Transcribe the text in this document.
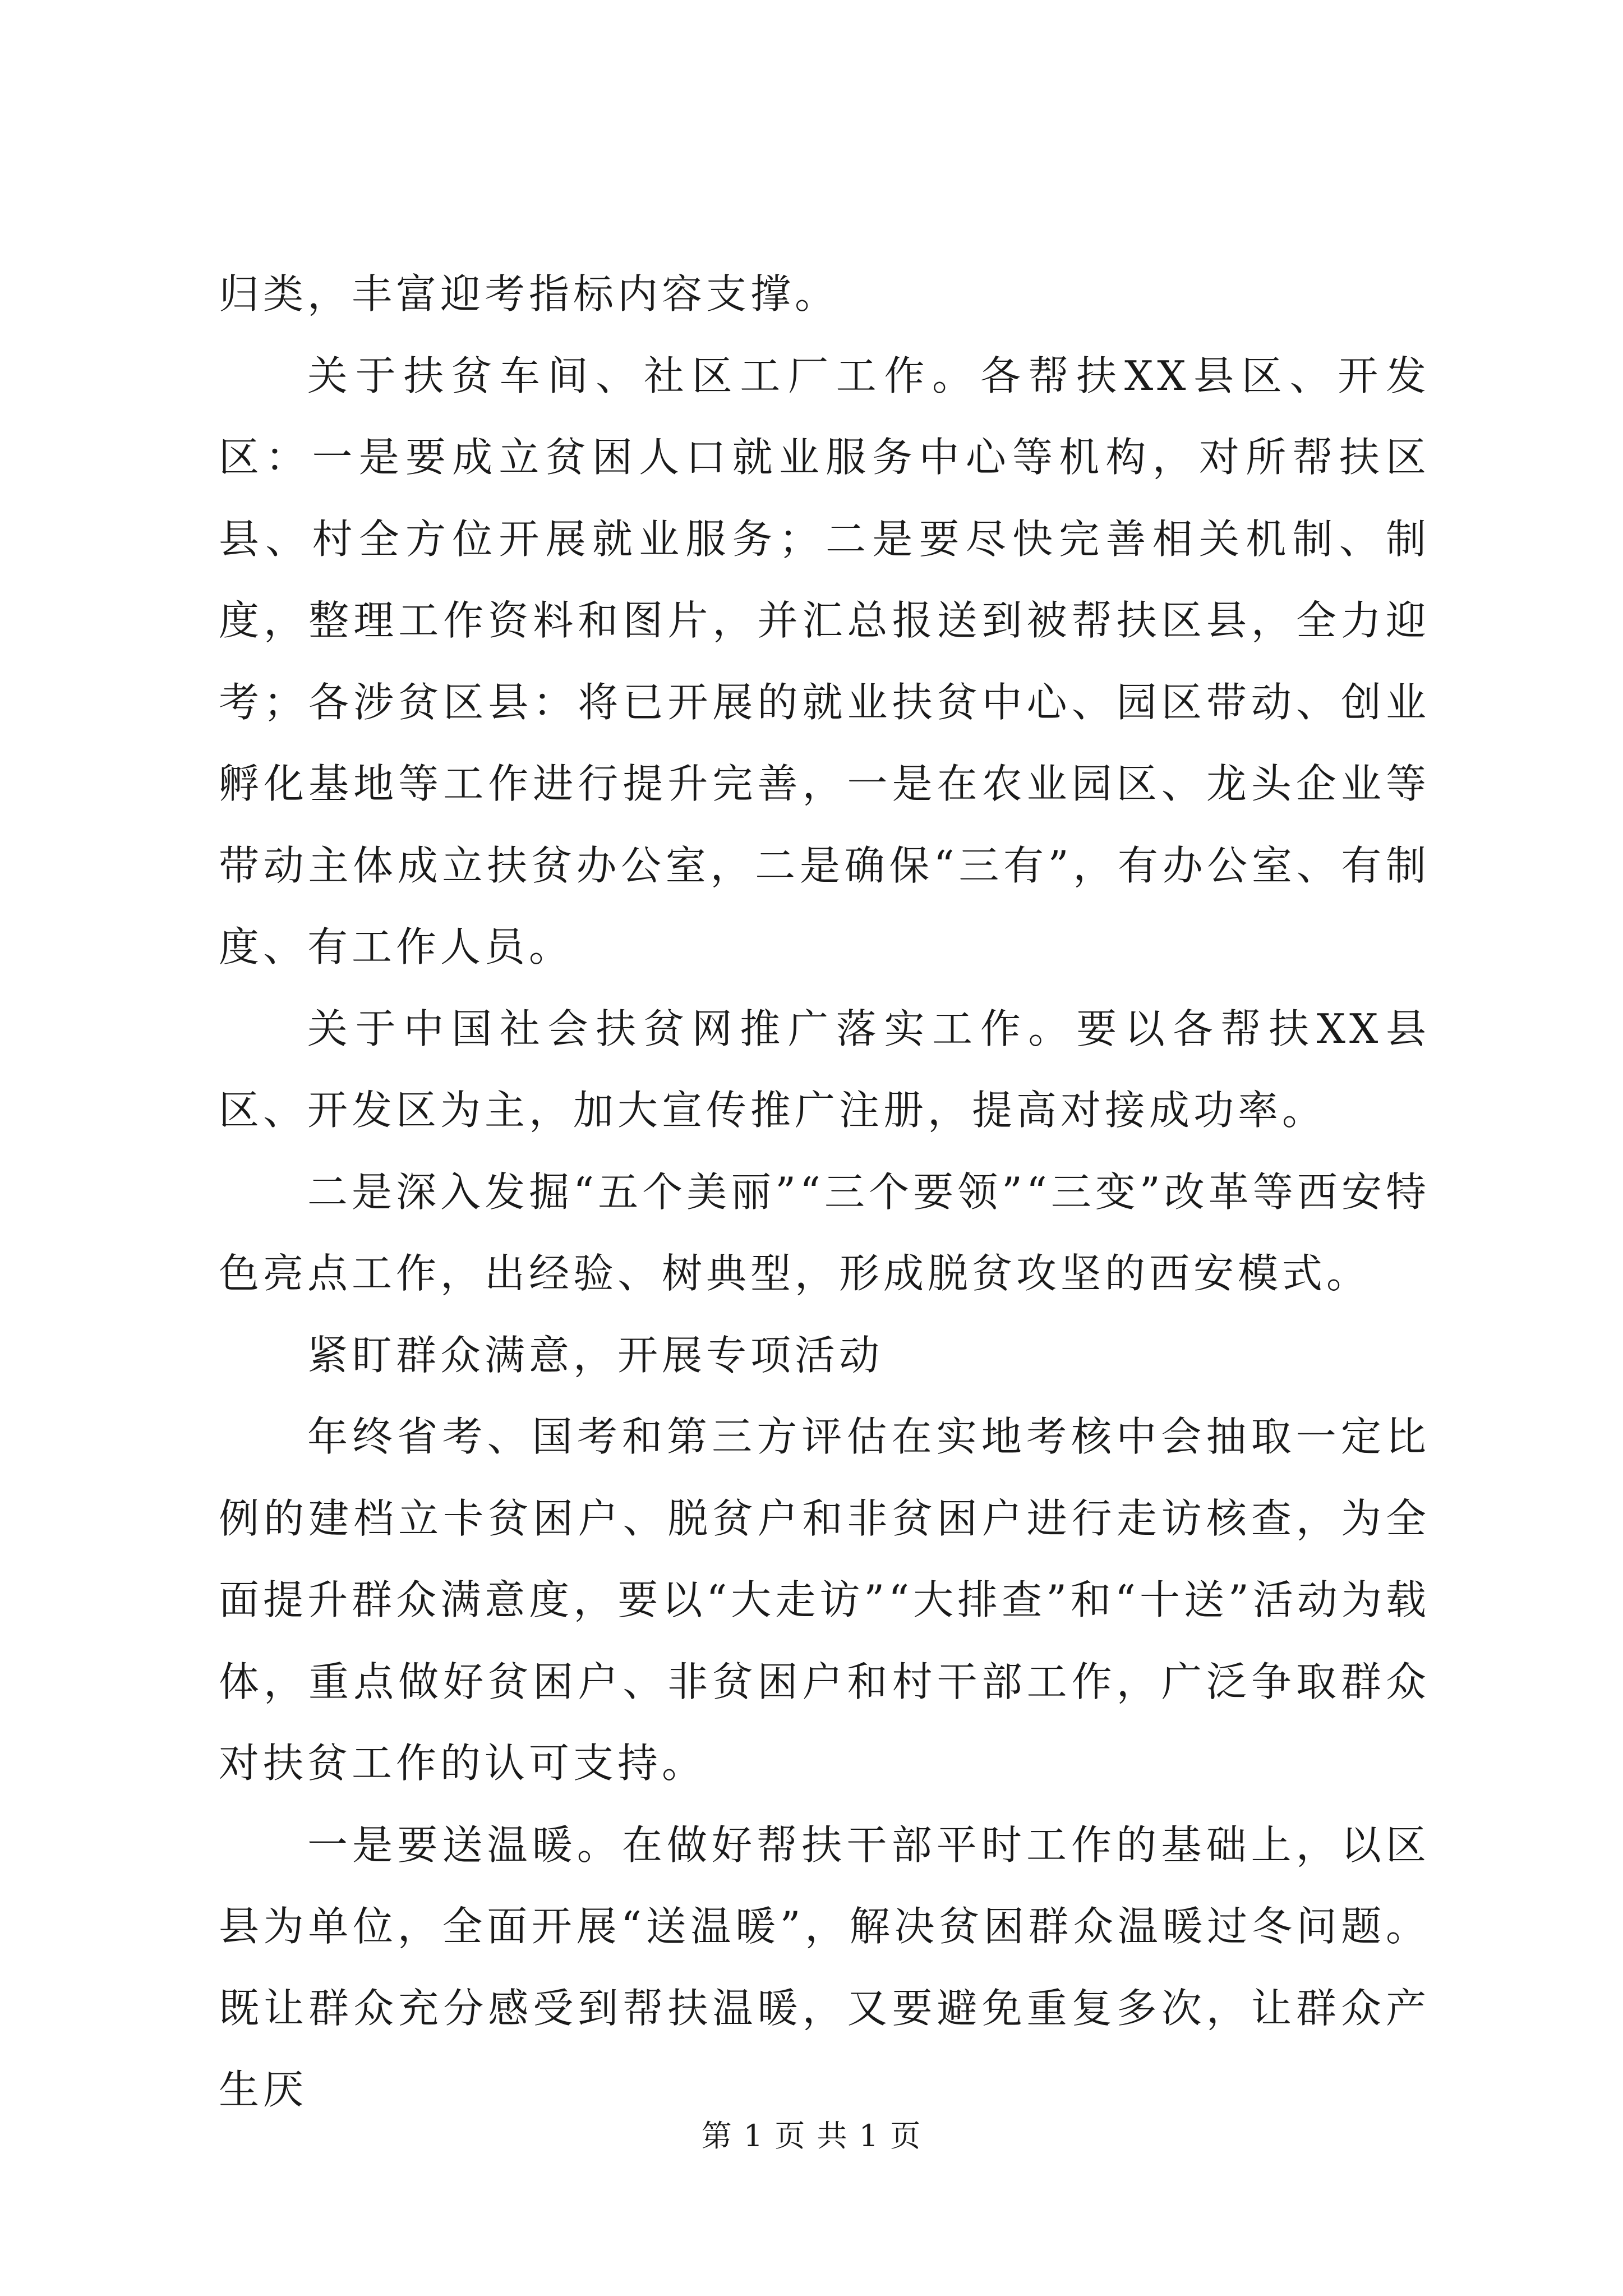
归类，丰富迎考指标内容支撑。

关于扶贫车间、社区工厂工作。各帮扶XX县区、开发区：一是要成立贫困人口就业服务中心等机构，对所帮扶区县、村全方位开展就业服务；二是要尽快完善相关机制、制度，整理工作资料和图片，并汇总报送到被帮扶区县，全力迎考；各涉贫区县：将已开展的就业扶贫中心、园区带动、创业孵化基地等工作进行提升完善，一是在农业园区、龙头企业等带动主体成立扶贫办公室，二是确保“三有”，有办公室、有制度、有工作人员。

关于中国社会扶贫网推广落实工作。要以各帮扶XX县区、开发区为主，加大宣传推广注册，提高对接成功率。

二是深入发掘“五个美丽”“三个要领”“三变”改革等西安特色亮点工作，出经验、树典型，形成脱贫攻坚的西安模式。

紧盯群众满意，开展专项活动

年终省考、国考和第三方评估在实地考核中会抽取一定比例的建档立卡贫困户、脱贫户和非贫困户进行走访核查，为全面提升群众满意度，要以“大走访”“大排查”和“十送”活动为载体，重点做好贫困户、非贫困户和村干部工作，广泛争取群众对扶贫工作的认可支持。

一是要送温暖。在做好帮扶干部平时工作的基础上，以区县为单位，全面开展“送温暖”，解决贫困群众温暖过冬问题。既让群众充分感受到帮扶温暖，又要避免重复多次，让群众产生厌

第 1 页 共 1 页
